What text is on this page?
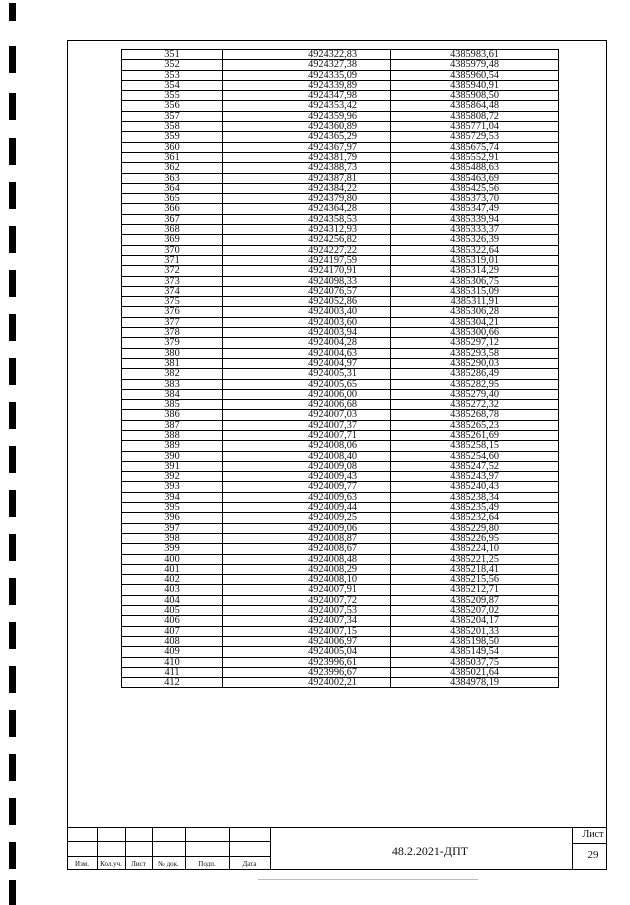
351	4924322,83	4385983,61
352	4924327,38	4385979,48
353	4924335,09	4385960,54
354	4924339,89	4385940,91
355	4924347,98	4385908,50
356	4924353,42	4385864,48
357	4924359,96	4385808,72
358	4924360,89	4385771,04
359	4924365,29	4385729,53
360	4924367,97	4385675,74
361	4924381,79	4385552,91
362	4924388,73	4385488,63
363	4924387,81	4385463,69
364	4924384,22	4385425,56
365	4924379,80	4385373,70
366	4924364,28	4385347,49
367	4924358,53	4385339,94
368	4924312,93	4385333,37
369	4924256,82	4385326,39
370	4924227,22	4385322,64
371	4924197,59	4385319,01
372	4924170,91	4385314,29
373	4924098,33	4385306,75
374	4924076,57	4385315,09
375	4924052,86	4385311,91
376	4924003,40	4385306,28
377	4924003,60	4385304,21
378	4924003,94	4385300,66
379	4924004,28	4385297,12
380	4924004,63	4385293,58
381	4924004,97	4385290,03
382	4924005,31	4385286,49
383	4924005,65	4385282,95
384	4924006,00	4385279,40
385	4924006,68	4385272,32
386	4924007,03	4385268,78
387	4924007,37	4385265,23
388	4924007,71	4385261,69
389	4924008,06	4385258,15
390	4924008,40	4385254,60
391	4924009,08	4385247,52
392	4924009,43	4385243,97
393	4924009,77	4385240,43
394	4924009,63	4385238,34
395	4924009,44	4385235,49
396	4924009,25	4385232,64
397	4924009,06	4385229,80
398	4924008,87	4385226,95
399	4924008,67	4385224,10
400	4924008,48	4385221,25
401	4924008,29	4385218,41
402	4924008,10	4385215,56
403	4924007,91	4385212,71
404	4924007,72	4385209,87
405	4924007,53	4385207,02
406	4924007,34	4385204,17
407	4924007,15	4385201,33
408	4924006,97	4385198,50
409	4924005,04	4385149,54
410	4923996,61	4385037,75
411	4923996,67	4385021,64
412	4924002,21	4384978,19
Изм.	Кол.уч.	Лист	№ док.	Подп.	Дата
48.2.2021-ДПТ
Лист
29
